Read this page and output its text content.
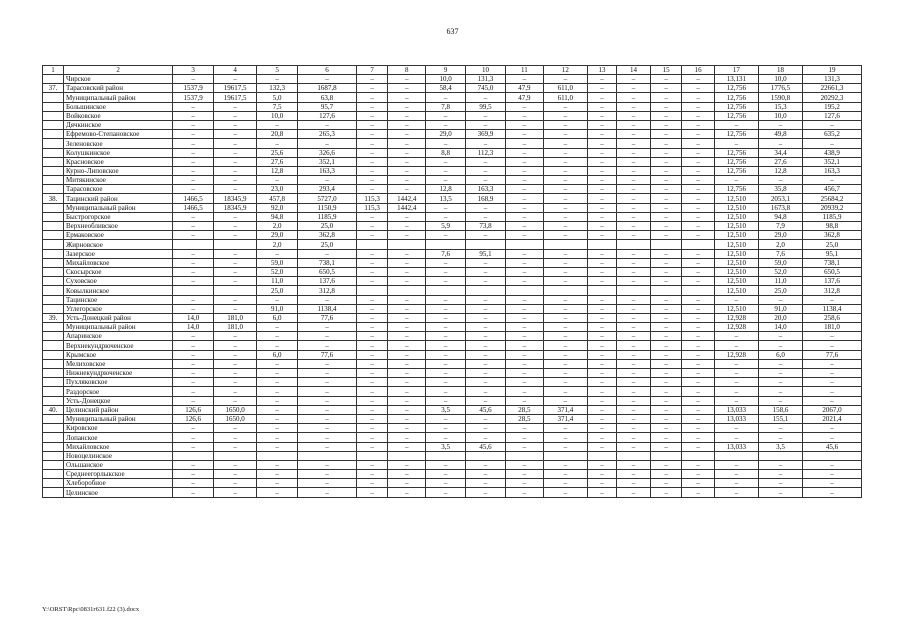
637
1	2	3	4	5	6	7	8	9	10	11	12	13	14	15	16	17	18	19
	Чирское	–	–	–	–	–	–	10,0	131,3	–	–	–	–	–	–	13,131	10,0	131,3
37.	Тарасовский район	1537,9	19617,5	132,3	1687,8	–	–	58,4	745,0	47,9	611,0	–	–	–	–	12,756	1776,5	22661,3
	Муниципальный район	1537,9	19617,5	5,0	63,8	–	–	–	–	47,9	611,0	–	–	–	–	12,756	1590,8	20292,3
	Большинское	–	–	7,5	95,7	–	–	7,8	99,5	–	–	–	–	–	–	12,756	15,3	195,2
	Войковское	–	–	10,0	127,6	–	–	–	–	–	–	–	–	–	–	12,756	10,0	127,6
	Дячкинское	–	–	–	–	–	–	–	–	–	–	–	–	–	–	–	–	–
	Ефремово-Степановское	–	–	20,8	265,3	–	–	29,0	369,9	–	–	–	–	–	–	12,756	49,8	635,2
	Зеленовское	–	–	–	–	–	–	–	–	–	–	–	–	–	–	–	–	–
	Колушкинское	–	–	25,6	326,6	–	–	8,8	112,3	–	–	–	–	–	–	12,756	34,4	438,9
	Красновское	–	–	27,6	352,1	–	–	–	–	–	–	–	–	–	–	12,756	27,6	352,1
	Курно-Липовское	–	–	12,8	163,3	–	–	–	–	–	–	–	–	–	–	12,756	12,8	163,3
	Митякинское	–	–	–	–	–	–	–	–	–	–	–	–	–	–	–	–	–
	Тарасовское	–	–	23,0	293,4	–	–	12,8	163,3	–	–	–	–	–	–	12,756	35,8	456,7
38.	Тацинский район	1466,5	18345,9	457,8	5727,0	115,3	1442,4	13,5	168,9	–	–	–	–	–	–	12,510	2053,1	25684,2
	Муниципальный район	1466,5	18345,9	92,0	1150,9	115,3	1442,4	–	–	–	–	–	–	–	–	12,510	1673,8	20939,2
	Быстрогорское	–	–	94,8	1185,9	–	–	–	–	–	–	–	–	–	–	12,510	94,8	1185,9
	Верхнеобливское	–	–	2,0	25,0	–	–	5,9	73,8	–	–	–	–	–	–	12,510	7,9	98,8
	Ермаковское	–	–	29,0	362,8	–	–	–	–	–	–	–	–	–	–	12,510	29,0	362,8
	Жирновское			2,0	25,0											12,510	2,0	25,0
	Зазерское	–	–	–	–	–	–	7,6	95,1	–	–	–	–	–	–	12,510	7,6	95,1
	Михайловское	–	–	59,0	738,1	–	–	–	–	–	–	–	–	–	–	12,510	59,0	738,1
	Скосырское	–	–	52,0	650,5	–	–	–	–	–	–	–	–	–	–	12,510	52,0	650,5
	Суховское	–	–	11,0	137,6	–	–	–	–	–	–	–	–	–	–	12,510	11,0	137,6
	Ковылкинское			25,0	312,8											12,510	25,0	312,8
	Тацинское	–	–	–	–	–	–	–	–	–	–	–	–	–	–	–	–	–
	Углегорское	–	–	91,0	1138,4	–	–	–	–	–	–	–	–	–	–	12,510	91,0	1138,4
39.	Усть-Донецкий район	14,0	181,0	6,0	77,6	–	–	–	–	–	–	–	–	–	–	12,928	20,0	258,6
	Муниципальный район	14,0	181,0	–	–	–	–	–	–	–	–	–	–	–	–	12,928	14,0	181,0
	Апаринское	–	–	–	–	–	–	–	–	–	–	–	–	–	–	–	–	–
	Верхнекундрюченское	–	–	–	–	–	–	–	–	–	–	–	–	–	–	–	–	–
	Крымское	–	–	6,0	77,6	–	–	–	–	–	–	–	–	–	–	12,928	6,0	77,6
	Мелиховское	–	–	–	–	–	–	–	–	–	–	–	–	–	–	–	–	–
	Нижнекундрюченское	–	–	–	–	–	–	–	–	–	–	–	–	–	–	–	–	–
	Пухляковское	–	–	–	–	–	–	–	–	–	–	–	–	–	–	–	–	–
	Раздорское	–	–	–	–	–	–	–	–	–	–	–	–	–	–	–	–	–
	Усть-Донецкое	–	–	–	–	–	–	–	–	–	–	–	–	–	–	–	–	–
40.	Целинский район	126,6	1650,0	–	–	–	–	3,5	45,6	28,5	371,4	–	–	–	–	13,033	158,6	2067,0
	Муниципальный район	126,6	1650,0	–	–	–	–	–	–	28,5	371,4	–	–	–	–	13,033	155,1	2021,4
	Кировское	–	–	–	–	–	–	–	–	–	–	–	–	–	–	–	–	–
	Лопанское	–	–	–	–	–	–	–	–	–	–	–	–	–	–	–	–	–
	Михайловское	–	–	–	–	–	–	3,5	45,6	–	–	–	–	–	–	13,033	3,5	45,6
	Новоцелинское																	
	Ольшанское	–	–	–	–	–	–	–	–	–	–	–	–	–	–	–	–	–
	Среднеегорлыкское	–	–	–	–	–	–	–	–	–	–	–	–	–	–	–	–	–
	Хлеборобное	–	–	–	–	–	–	–	–	–	–	–	–	–	–	–	–	–
	Целинское	–	–	–	–	–	–	–	–	–	–	–	–	–	–	–	–	–
Y:\ORST\Rpc\0831r631.f22 (3).docx
